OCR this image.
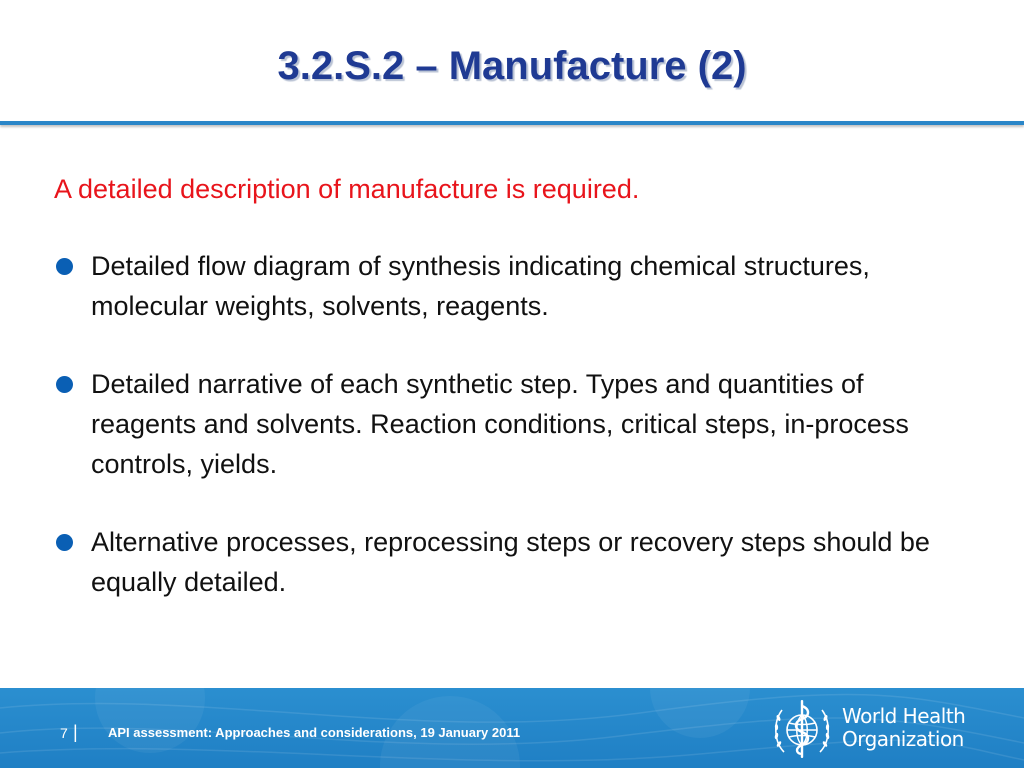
3.2.S.2 – Manufacture (2)

A detailed description of manufacture is required.

Detailed flow diagram of synthesis indicating chemical structures, molecular weights, solvents, reagents.
Detailed narrative of each synthetic step. Types and quantities of reagents and solvents. Reaction conditions, critical steps, in-process controls, yields.
Alternative processes, reprocessing steps or recovery steps should be equally detailed.
7 | API assessment: Approaches and considerations, 19 January 2011
World Health
Organization
